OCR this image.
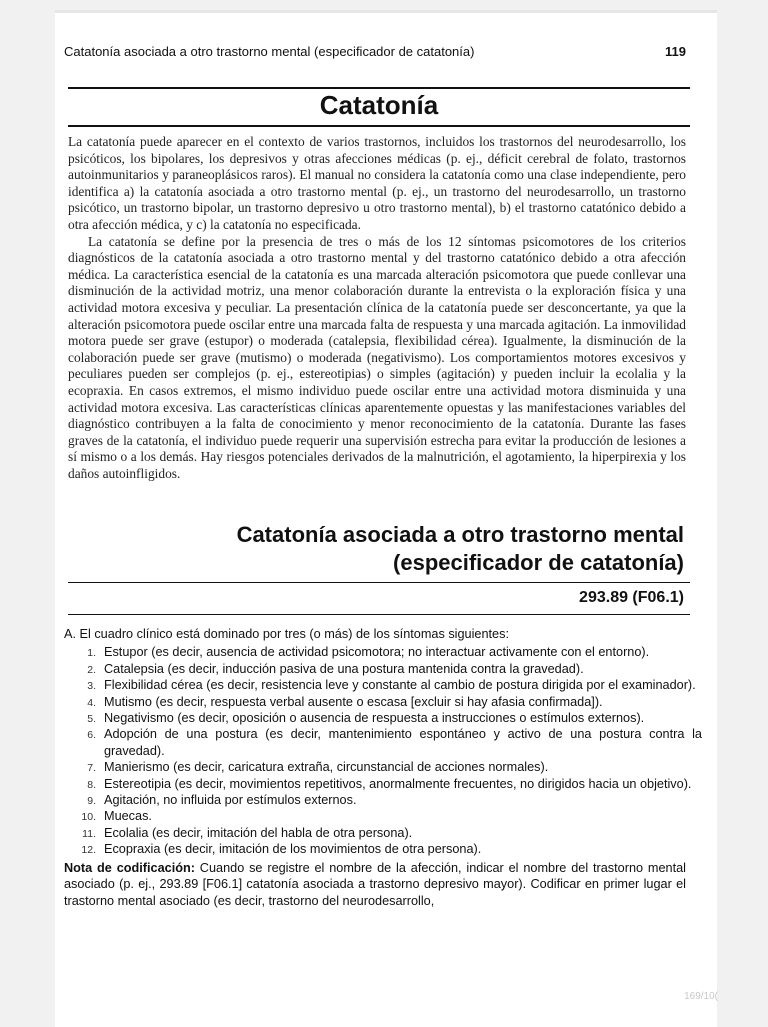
Catatonía asociada a otro trastorno mental (especificador de catatonía)	119
Catatonía

La catatonía puede aparecer en el contexto de varios trastornos, incluidos los trastornos del neurodesarrollo, los psicóticos, los bipolares, los depresivos y otras afecciones médicas (p. ej., déficit cerebral de folato, trastornos autoinmunitarios y paraneoplásicos raros). El manual no considera la catatonía como una clase independiente, pero identifica a) la catatonía asociada a otro trastorno mental (p. ej., un trastorno del neurodesarrollo, un trastorno psicótico, un trastorno bipolar, un trastorno depresivo u otro trastorno mental), b) el trastorno catatónico debido a otra afección médica, y c) la catatonía no especificada.

La catatonía se define por la presencia de tres o más de los 12 síntomas psicomotores de los criterios diagnósticos de la catatonía asociada a otro trastorno mental y del trastorno catatónico debido a otra afección médica. La característica esencial de la catatonía es una marcada alteración psicomotora que puede conllevar una disminución de la actividad motriz, una menor colaboración durante la entrevista o la exploración física y una actividad motora excesiva y peculiar. La presentación clínica de la catatonía puede ser desconcertante, ya que la alteración psicomotora puede oscilar entre una marcada falta de respuesta y una marcada agitación. La inmovilidad motora puede ser grave (estupor) o moderada (catalepsia, flexibilidad cérea). Igualmente, la disminución de la colaboración puede ser grave (mutismo) o moderada (negativismo). Los comportamientos motores excesivos y peculiares pueden ser complejos (p. ej., estereotipias) o simples (agitación) y pueden incluir la ecolalia y la ecopraxia. En casos extremos, el mismo individuo puede oscilar entre una actividad motora disminuida y una actividad motora excesiva. Las características clínicas aparentemente opuestas y las manifestaciones variables del diagnóstico contribuyen a la falta de conocimiento y menor reconocimiento de la catatonía. Durante las fases graves de la catatonía, el individuo puede requerir una supervisión estrecha para evitar la producción de lesiones a sí mismo o a los demás. Hay riesgos potenciales derivados de la malnutrición, el agotamiento, la hiperpirexia y los daños autoinfligidos.

Catatonía asociada a otro trastorno mental
(especificador de catatonía)
293.89 (F06.1)
A. El cuadro clínico está dominado por tres (o más) de los síntomas siguientes:
1. Estupor (es decir, ausencia de actividad psicomotora; no interactuar activamente con el entorno).
2. Catalepsia (es decir, inducción pasiva de una postura mantenida contra la gravedad).
3. Flexibilidad cérea (es decir, resistencia leve y constante al cambio de postura dirigida por el examinador).
4. Mutismo (es decir, respuesta verbal ausente o escasa [excluir si hay afasia confirmada]).
5. Negativismo (es decir, oposición o ausencia de respuesta a instrucciones o estímulos externos).
6. Adopción de una postura (es decir, mantenimiento espontáneo y activo de una postura contra la gravedad).
7. Manierismo (es decir, caricatura extraña, circunstancial de acciones normales).
8. Estereotipia (es decir, movimientos repetitivos, anormalmente frecuentes, no dirigidos hacia un objetivo).
9. Agitación, no influida por estímulos externos.
10. Muecas.
11. Ecolalia (es decir, imitación del habla de otra persona).
12. Ecopraxia (es decir, imitación de los movimientos de otra persona).
Nota de codificación: Cuando se registre el nombre de la afección, indicar el nombre del trastorno mental asociado (p. ej., 293.89 [F06.1] catatonía asociada a trastorno depresivo mayor). Codificar en primer lugar el trastorno mental asociado (es decir, trastorno del neurodesarrollo,
169/10(
